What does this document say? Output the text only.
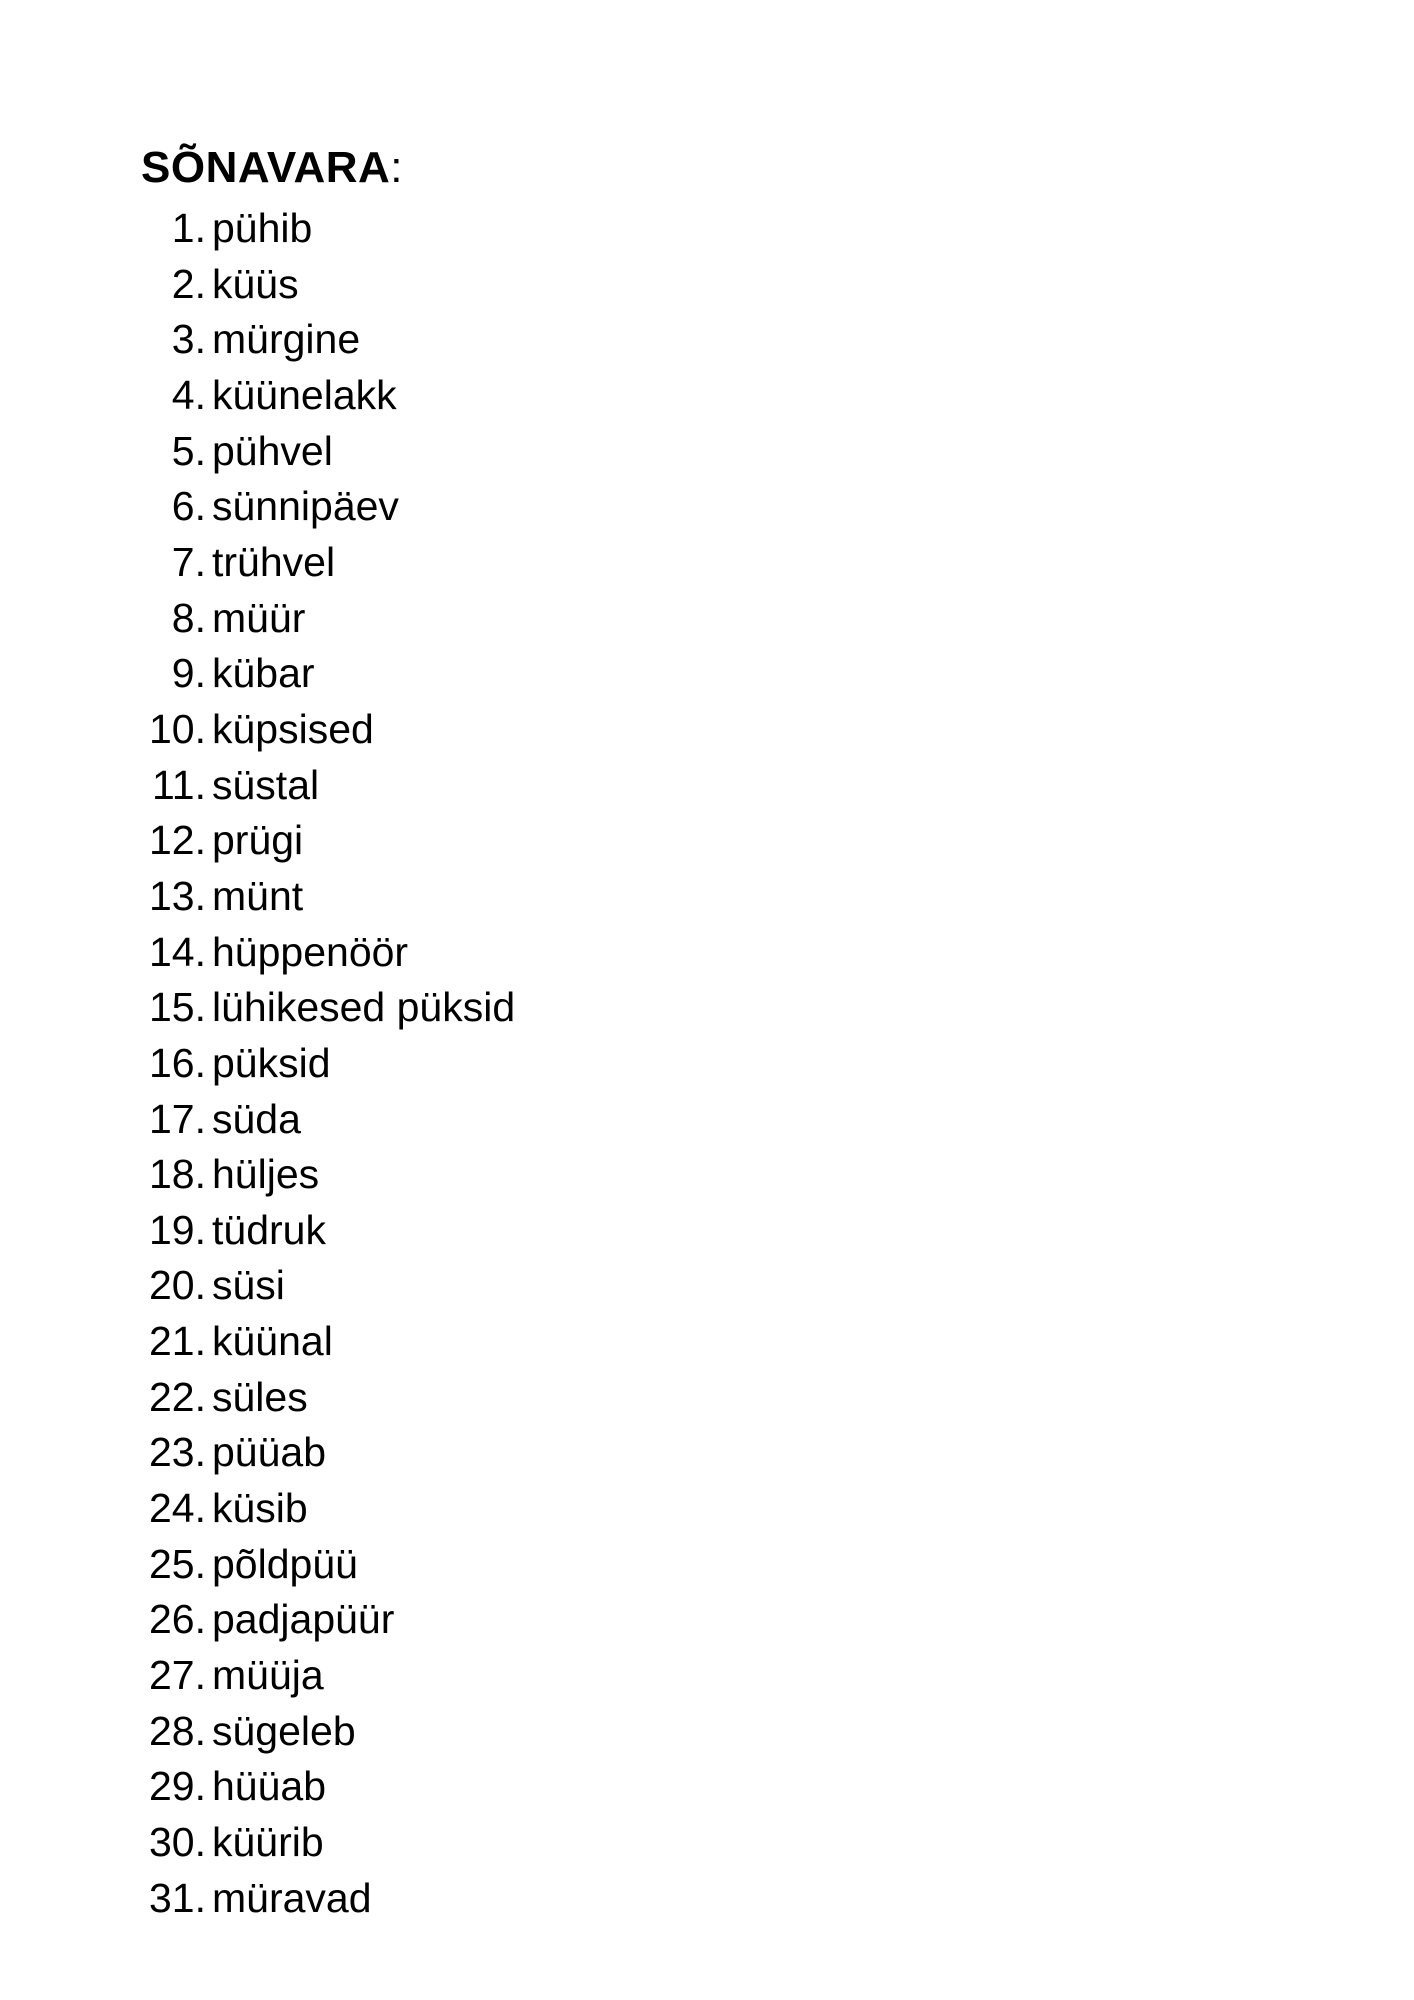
SÕNAVARA:
1. pühib
2. küüs
3. mürgine
4. küünelakk
5. pühvel
6. sünnipäev
7. trühvel
8. müür
9. kübar
10. küpsised
11. süstal
12. prügi
13. münt
14. hüppenöör
15. lühikesed püksid
16. püksid
17. süda
18. hüljes
19. tüdruk
20. süsi
21. küünal
22. süles
23. püüab
24. küsib
25. põldpüü
26. padjapüür
27. müüja
28. sügeleb
29. hüüab
30. küürib
31. müravad
